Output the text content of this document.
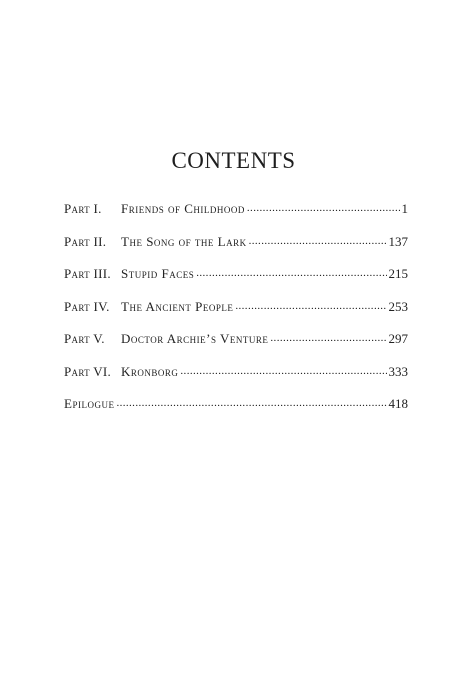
CONTENTS
Part I.	Friends of Childhood .....	1
Part II.	The Song of the Lark .....	137
Part III. Stupid Faces .....	215
Part IV. The Ancient People .....	253
Part V.	Doctor Archie’s Venture .....	297
Part VI. Kronborg .....	333
Epilogue .....	418
